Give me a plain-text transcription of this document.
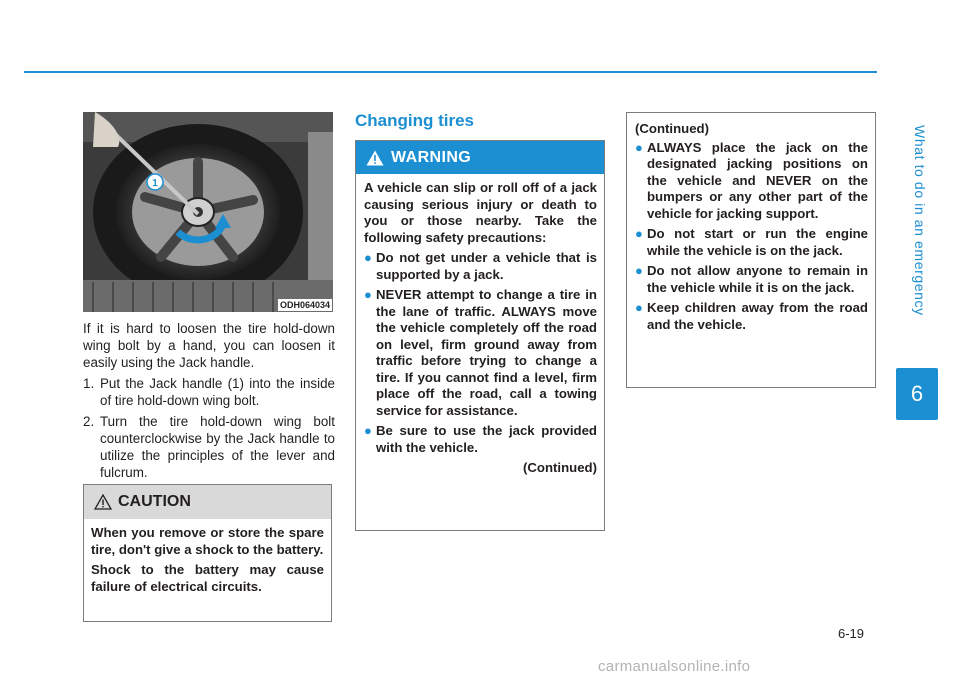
What to do in an emergency
6
6-19
1
ODH064034

If it is hard to loosen the tire hold-down wing bolt by a hand, you can loosen it easily using the Jack handle.

1. Put the Jack handle (1) into the inside of tire hold-down wing bolt.
2. Turn the tire hold-down wing bolt counterclockwise by the Jack handle to utilize the principles of the lever and fulcrum.
CAUTION

When you remove or store the spare tire, don't give a shock to the battery.

Shock to the battery may cause failure of electrical circuits.

Changing tires
WARNING

A vehicle can slip or roll off of a jack causing serious injury or death to you or those nearby. Take the following safety precautions:

● Do not get under a vehicle that is supported by a jack.
● NEVER attempt to change a tire in the lane of traffic. ALWAYS move the vehicle completely off the road on level, firm ground away from traffic before trying to change a tire. If you cannot find a level, firm place off the road, call a towing service for assistance.
● Be sure to use the jack provided with the vehicle.
(Continued)

(Continued)

● ALWAYS place the jack on the designated jacking positions on the vehicle and NEVER on the bumpers or any other part of the vehicle for jacking support.
● Do not start or run the engine while the vehicle is on the jack.
● Do not allow anyone to remain in the vehicle while it is on the jack.
● Keep children away from the road and the vehicle.
carmanualsonline.info
